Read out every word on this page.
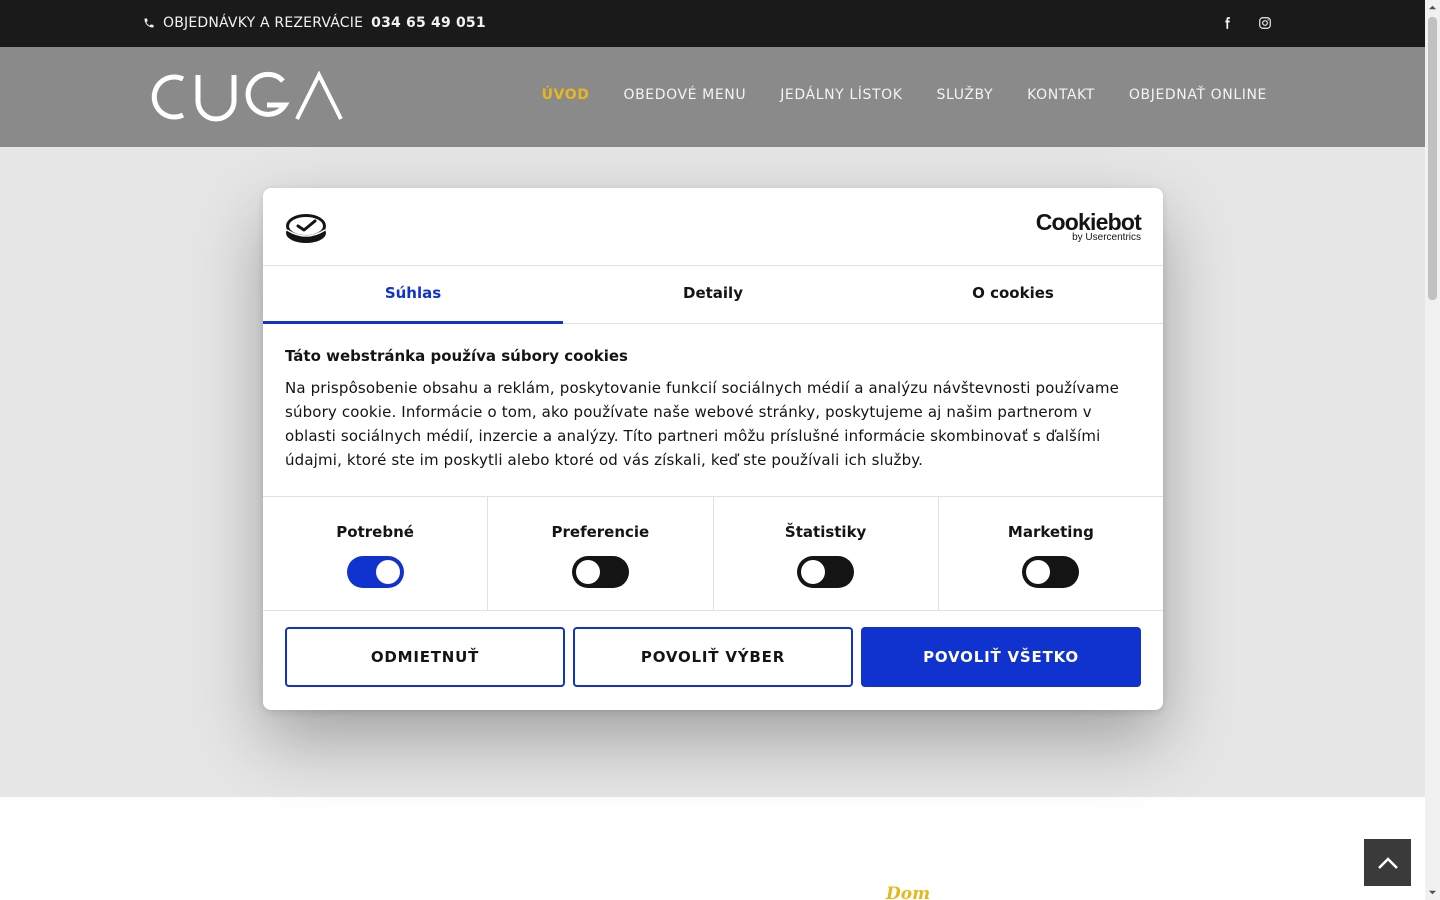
OBJEDNÁVKY A REZERVÁCIE 034 65 49 051
ÚVOD OBEDOVÉ MENU JEDÁLNY LÍSTOK SLUŽBY KONTAKT OBJEDNAŤ ONLINE
Dom
Cookiebot
by Usercentrics
Súhlas	Detaily	O cookies
Táto webstránka používa súbory cookies

Na prispôsobenie obsahu a reklám, poskytovanie funkcií sociálnych médií a analýzu návštevnosti používame súbory cookie. Informácie o tom, ako používate naše webové stránky, poskytujeme aj našim partnerom v oblasti sociálnych médií, inzercie a analýzy. Títo partneri môžu príslušné informácie skombinovať s ďalšími údajmi, ktoré ste im poskytli alebo ktoré od vás získali, keď ste používali ich služby.

Potrebné	Preferencie	Štatistiky	Marketing
ODMIETNUŤ	POVOLIŤ VÝBER	POVOLIŤ VŠETKO
